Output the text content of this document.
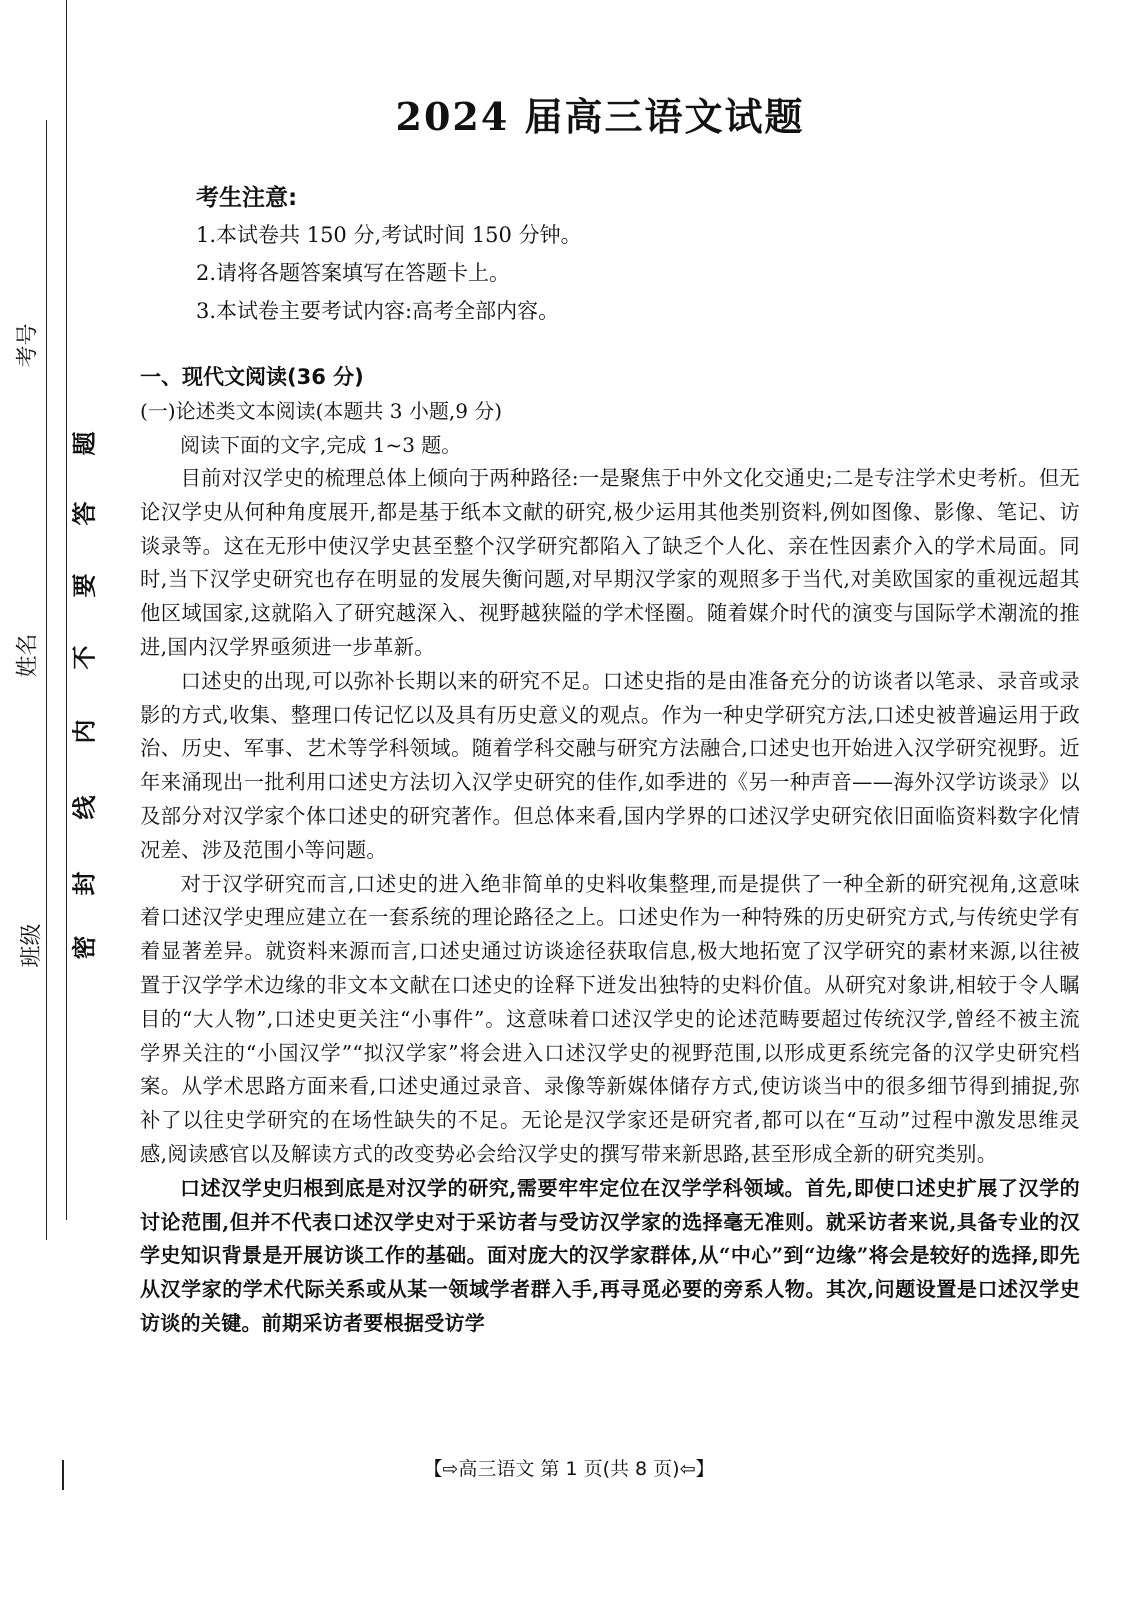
考号
姓名
班级 密
封
线
内
不
要
答
题
2024 届高三语文试题
考生注意:
1.本试卷共 150 分,考试时间 150 分钟。
2.请将各题答案填写在答题卡上。
3.本试卷主要考试内容:高考全部内容。
一、现代文阅读(36 分)
(一)论述类文本阅读(本题共 3 小题,9 分)
阅读下面的文字,完成 1~3 题。

目前对汉学史的梳理总体上倾向于两种路径:一是聚焦于中外文化交通史;二是专注学术史考析。但无论汉学史从何种角度展开,都是基于纸本文献的研究,极少运用其他类别资料,例如图像、影像、笔记、访谈录等。这在无形中使汉学史甚至整个汉学研究都陷入了缺乏个人化、亲在性因素介入的学术局面。同时,当下汉学史研究也存在明显的发展失衡问题,对早期汉学家的观照多于当代,对美欧国家的重视远超其他区域国家,这就陷入了研究越深入、视野越狭隘的学术怪圈。随着媒介时代的演变与国际学术潮流的推进,国内汉学界亟须进一步革新。

口述史的出现,可以弥补长期以来的研究不足。口述史指的是由准备充分的访谈者以笔录、录音或录影的方式,收集、整理口传记忆以及具有历史意义的观点。作为一种史学研究方法,口述史被普遍运用于政治、历史、军事、艺术等学科领域。随着学科交融与研究方法融合,口述史也开始进入汉学研究视野。近年来涌现出一批利用口述史方法切入汉学史研究的佳作,如季进的《另一种声音——海外汉学访谈录》以及部分对汉学家个体口述史的研究著作。但总体来看,国内学界的口述汉学史研究依旧面临资料数字化情况差、涉及范围小等问题。

对于汉学研究而言,口述史的进入绝非简单的史料收集整理,而是提供了一种全新的研究视角,这意味着口述汉学史理应建立在一套系统的理论路径之上。口述史作为一种特殊的历史研究方式,与传统史学有着显著差异。就资料来源而言,口述史通过访谈途径获取信息,极大地拓宽了汉学研究的素材来源,以往被置于汉学学术边缘的非文本文献在口述史的诠释下迸发出独特的史料价值。从研究对象讲,相较于令人瞩目的“大人物”,口述史更关注“小事件”。这意味着口述汉学史的论述范畴要超过传统汉学,曾经不被主流学界关注的“小国汉学”“拟汉学家”将会进入口述汉学史的视野范围,以形成更系统完备的汉学史研究档案。从学术思路方面来看,口述史通过录音、录像等新媒体储存方式,使访谈当中的很多细节得到捕捉,弥补了以往史学研究的在场性缺失的不足。无论是汉学家还是研究者,都可以在“互动”过程中激发思维灵感,阅读感官以及解读方式的改变势必会给汉学史的撰写带来新思路,甚至形成全新的研究类别。

口述汉学史归根到底是对汉学的研究,需要牢牢定位在汉学学科领域。首先,即使口述史扩展了汉学的讨论范围,但并不代表口述汉学史对于采访者与受访汉学家的选择毫无准则。就采访者来说,具备专业的汉学史知识背景是开展访谈工作的基础。面对庞大的汉学家群体,从“中心”到“边缘”将会是较好的选择,即先从汉学家的学术代际关系或从某一领域学者群入手,再寻觅必要的旁系人物。其次,问题设置是口述汉学史访谈的关键。前期采访者要根据受访学

【⇨高三语文 第 1 页(共 8 页)⇦】
